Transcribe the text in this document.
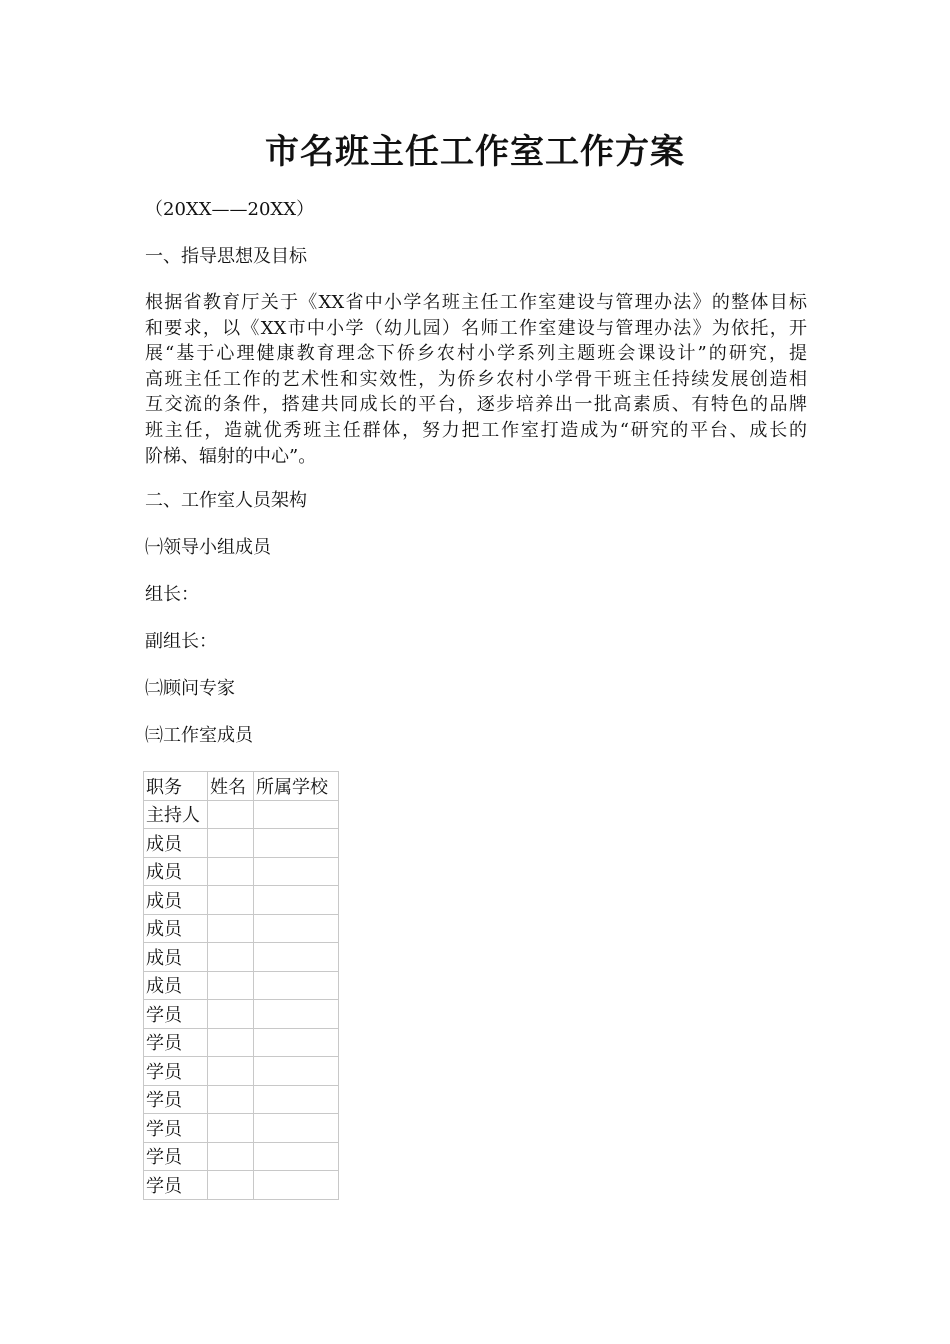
市名班主任工作室工作方案

（20XX——20XX）

一、指导思想及目标

根据省教育厅关于《XX省中小学名班主任工作室建设与管理办法》的整体目标
和要求，以《XX市中小学（幼儿园）名师工作室建设与管理办法》为依托，开
展“基于心理健康教育理念下侨乡农村小学系列主题班会课设计”的研究，提
高班主任工作的艺术性和实效性，为侨乡农村小学骨干班主任持续发展创造相
互交流的条件，搭建共同成长的平台，逐步培养出一批高素质、有特色的品牌
班主任，造就优秀班主任群体，努力把工作室打造成为“研究的平台、成长的
阶梯、辐射的中心”。

二、工作室人员架构

㈠领导小组成员

组长：

副组长：

㈡顾问专家

㈢工作室成员

职务	姓名	所属学校
主持人		
成员		
成员		
成员		
成员		
成员		
成员		
学员		
学员		
学员		
学员		
学员		
学员		
学员		
